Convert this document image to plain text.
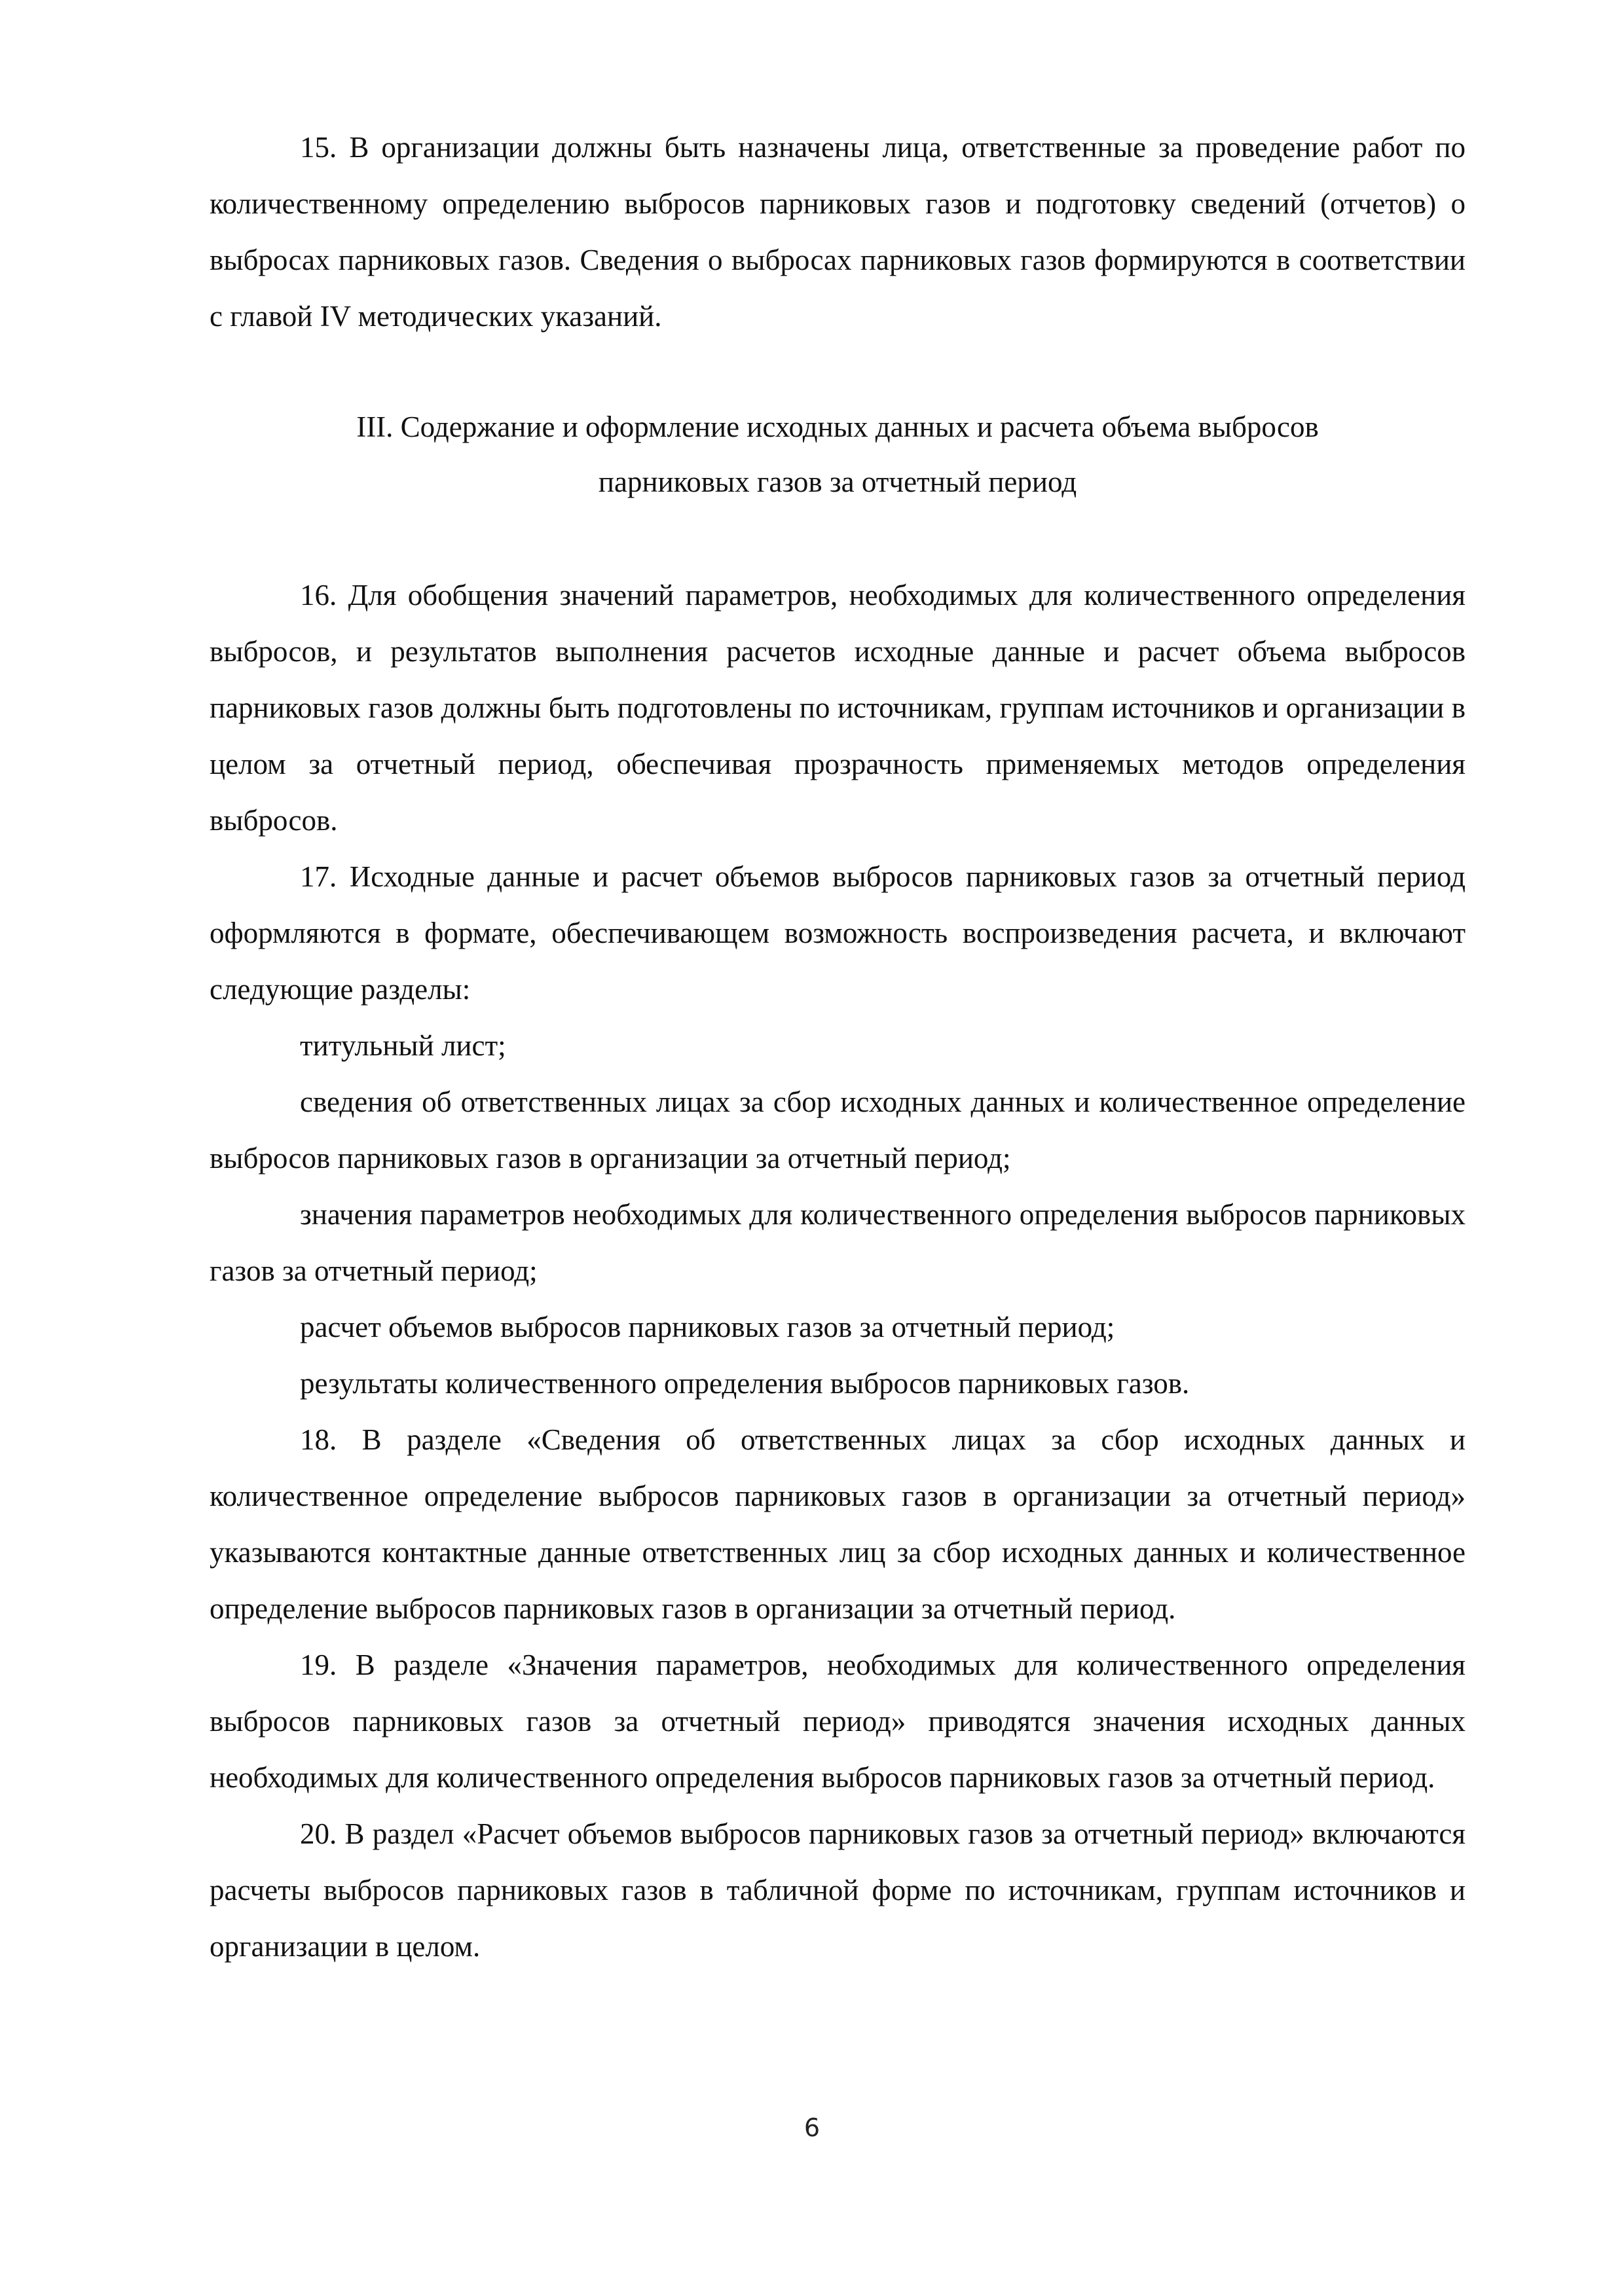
15. В организации должны быть назначены лица, ответственные за проведение работ по количественному определению выбросов парниковых газов и подготовку сведений (отчетов) о выбросах парниковых газов. Сведения о выбросах парниковых газов формируются в соответствии с главой IV методических указаний.

III. Содержание и оформление исходных данных и расчета объема выбросов
парниковых газов за отчетный период

16. Для обобщения значений параметров, необходимых для количественного определения выбросов, и результатов выполнения расчетов исходные данные и расчет объема выбросов парниковых газов должны быть подготовлены по источникам, группам источников и организации в целом за отчетный период, обеспечивая прозрачность применяемых методов определения выбросов.

17. Исходные данные и расчет объемов выбросов парниковых газов за отчетный период оформляются в формате, обеспечивающем возможность воспроизведения расчета, и включают следующие разделы:

титульный лист;

сведения об ответственных лицах за сбор исходных данных и количественное определение выбросов парниковых газов в организации за отчетный период;

значения параметров необходимых для количественного определения выбросов парниковых газов за отчетный период;

расчет объемов выбросов парниковых газов за отчетный период;

результаты количественного определения выбросов парниковых газов.

18. В разделе «Сведения об ответственных лицах за сбор исходных данных и количественное определение выбросов парниковых газов в организации за отчетный период» указываются контактные данные ответственных лиц за сбор исходных данных и количественное определение выбросов парниковых газов в организации за отчетный период.

19. В разделе «Значения параметров, необходимых для количественного определения выбросов парниковых газов за отчетный период» приводятся значения исходных данных необходимых для количественного определения выбросов парниковых газов за отчетный период.

20. В раздел «Расчет объемов выбросов парниковых газов за отчетный период» включаются расчеты выбросов парниковых газов в табличной форме по источникам, группам источников и организации в целом.

6
